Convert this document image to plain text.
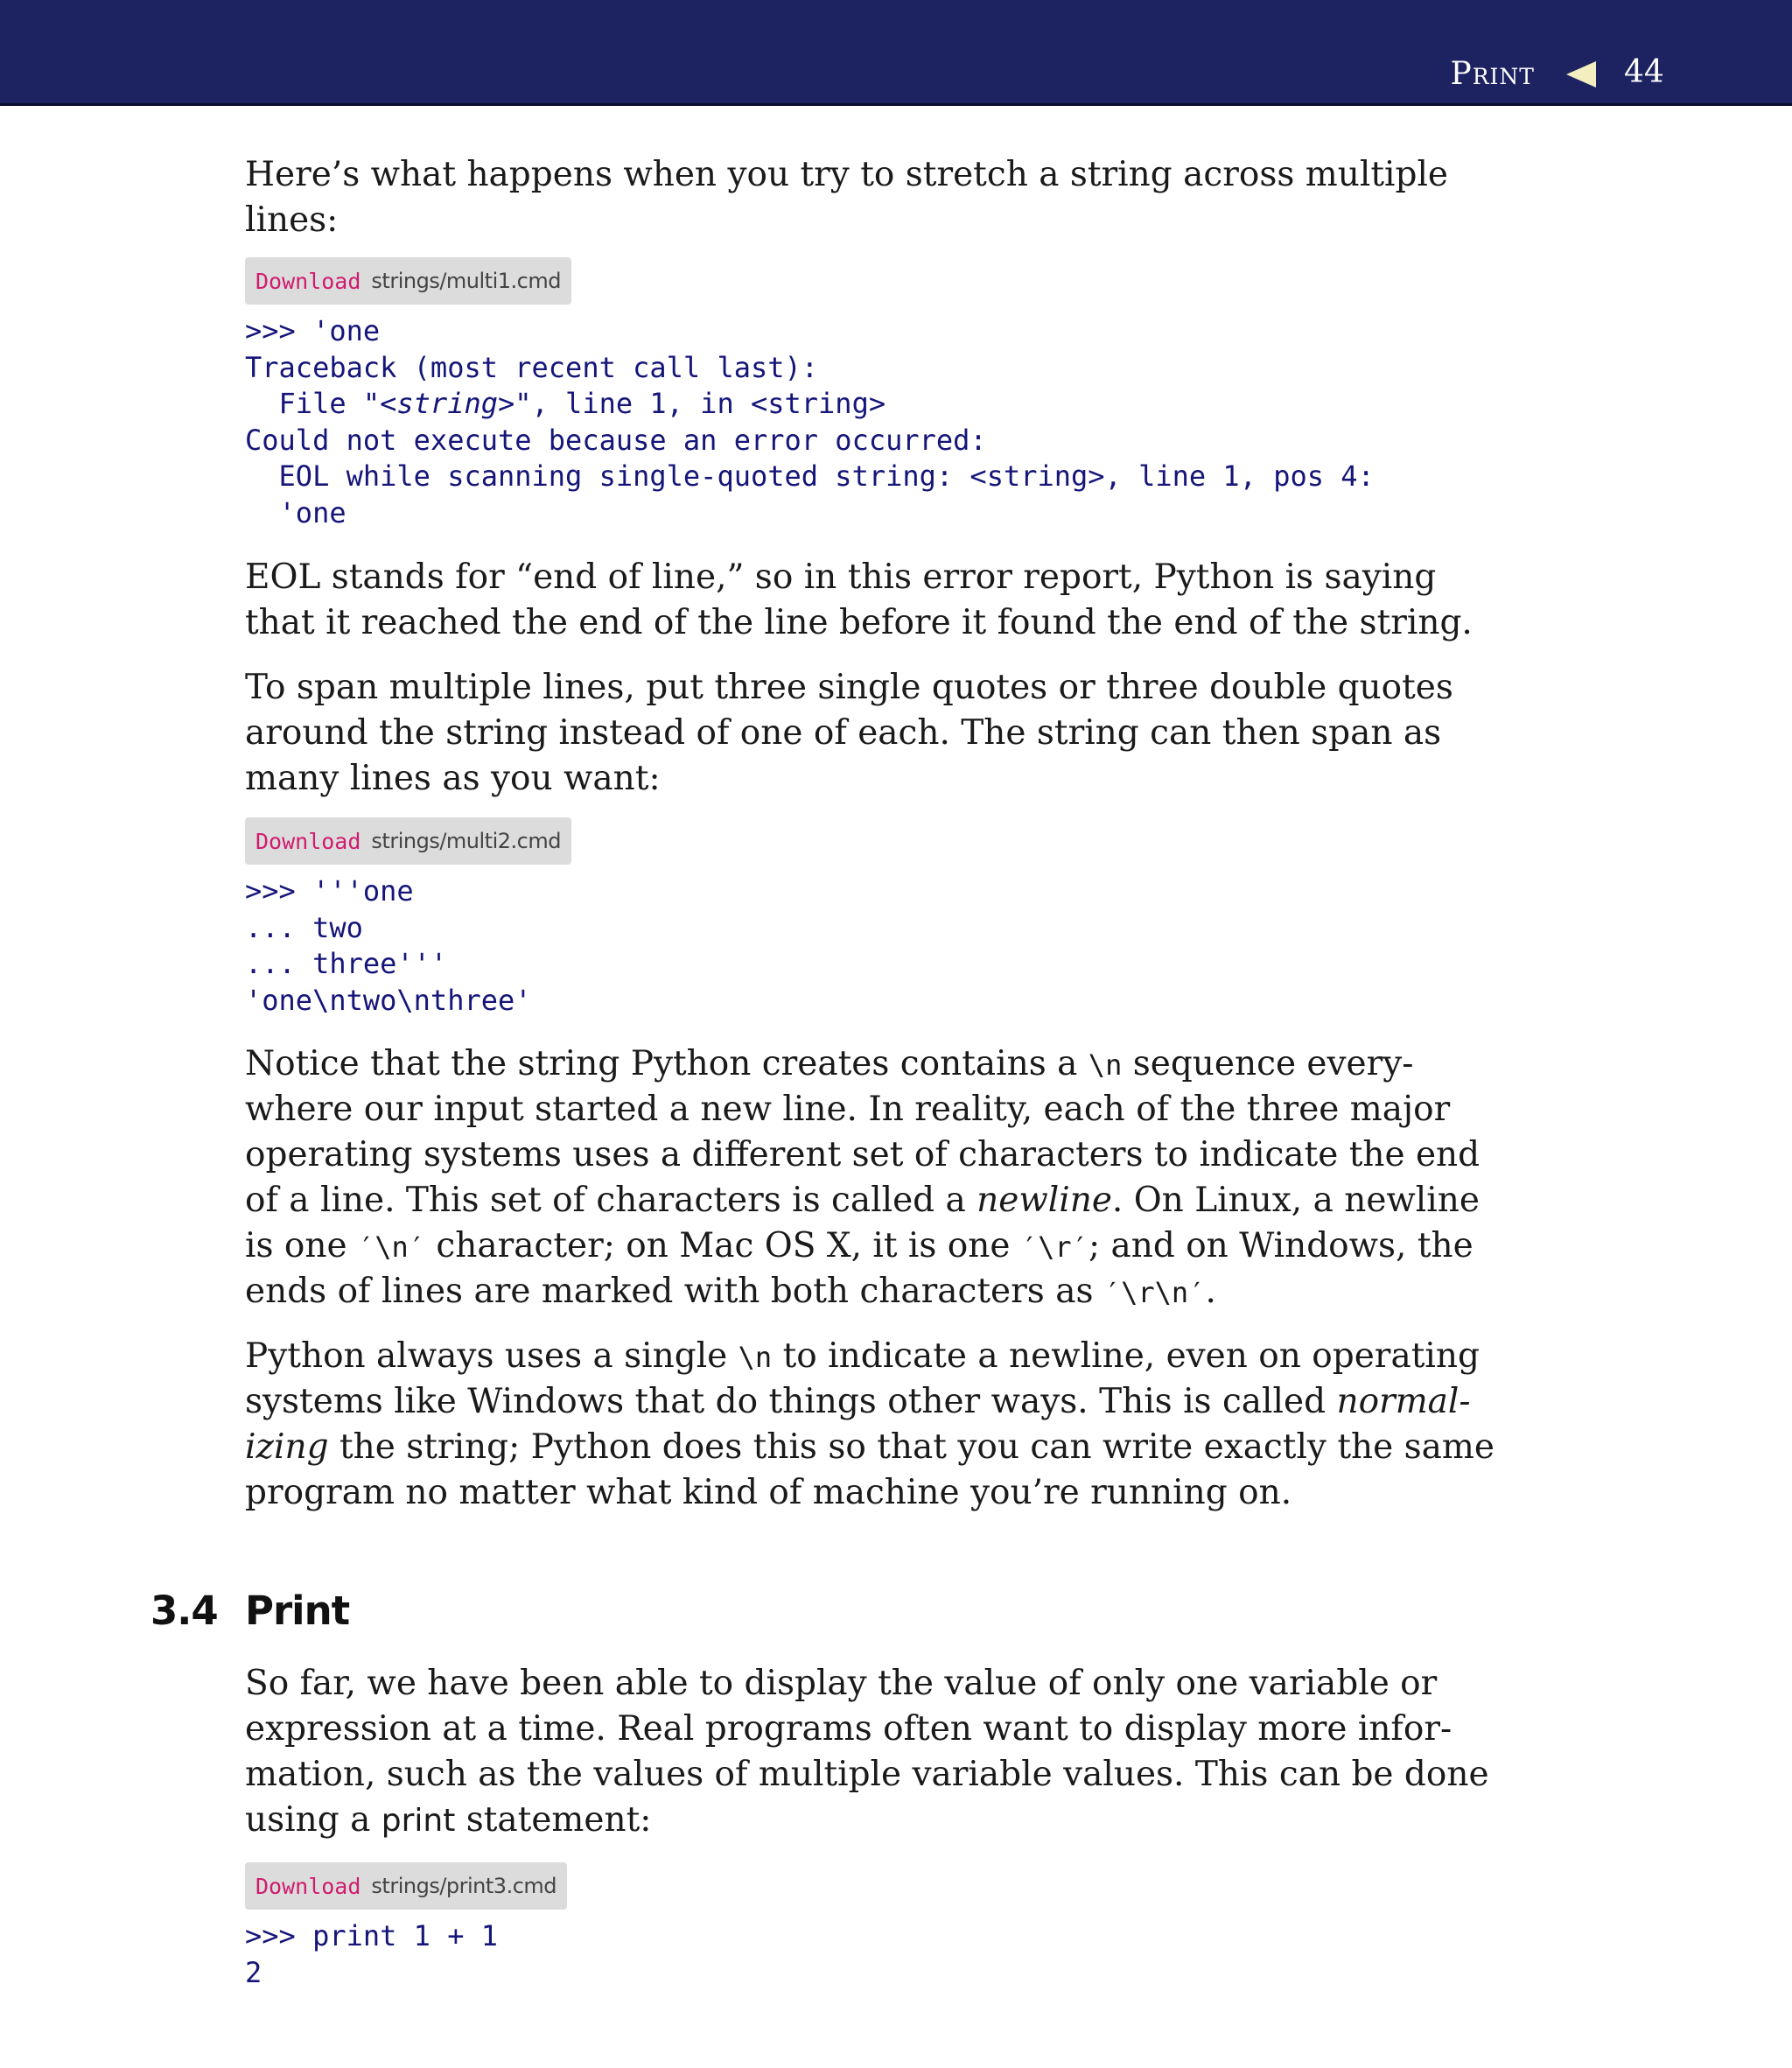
Print	44
Here’s what happens when you try to stretch a string across multiple
lines:
Download strings/multi1.cmd
>>> 'one
Traceback (most recent call last):
File "<string>", line 1, in <string>
Could not execute because an error occurred:
EOL while scanning single-quoted string: <string>, line 1, pos 4:
'one
EOL stands for “end of line,” so in this error report, Python is saying
that it reached the end of the line before it found the end of the string.
To span multiple lines, put three single quotes or three double quotes
around the string instead of one of each. The string can then span as
many lines as you want:
Download strings/multi2.cmd
>>> '''one
... two
... three'''
'one\ntwo\nthree'
Notice that the string Python creates contains a \n sequence every-
where our input started a new line. In reality, each of the three major
operating systems uses a different set of characters to indicate the end
of a line. This set of characters is called a newline. On Linux, a newline
is one ′\n′ character; on Mac OS X, it is one ′\r′; and on Windows, the
ends of lines are marked with both characters as ′\r\n′.
Python always uses a single \n to indicate a newline, even on operating
systems like Windows that do things other ways. This is called normal-
izing the string; Python does this so that you can write exactly the same
program no matter what kind of machine you’re running on.
3.4 Print
So far, we have been able to display the value of only one variable or
expression at a time. Real programs often want to display more infor-
mation, such as the values of multiple variable values. This can be done
using a print statement:
Download strings/print3.cmd
>>> print 1 + 1
2
